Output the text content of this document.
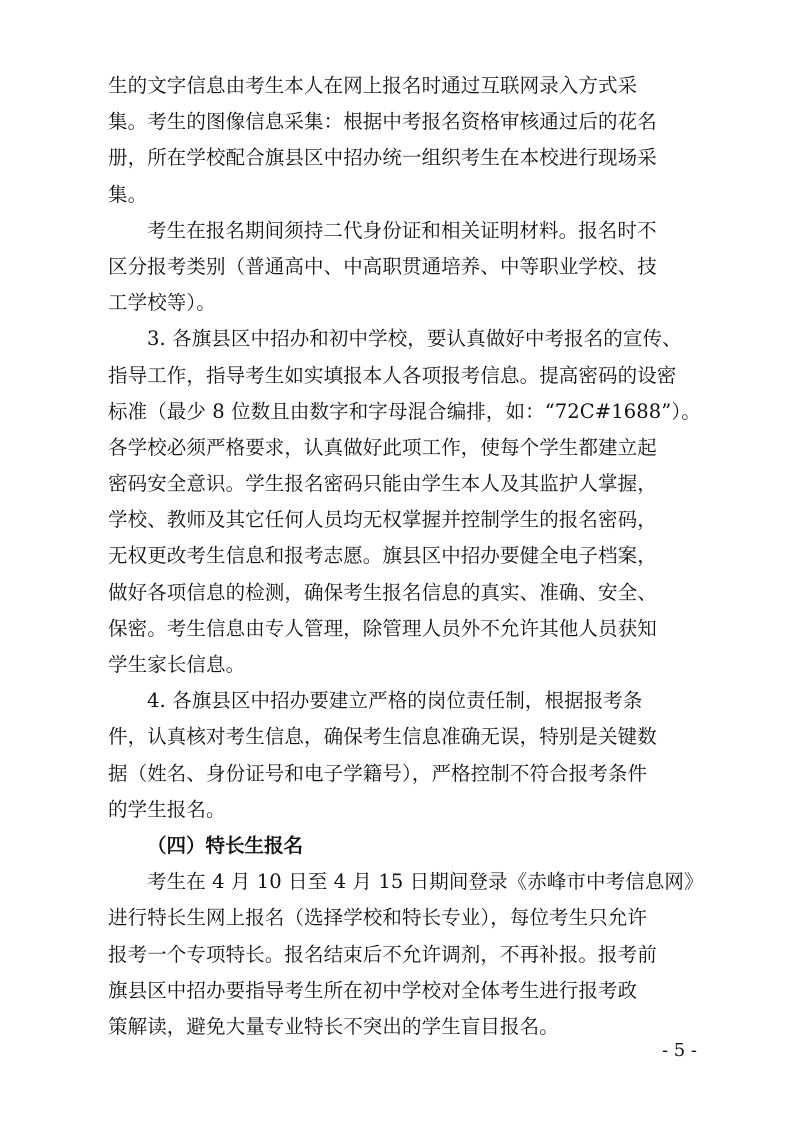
生的文字信息由考生本人在网上报名时通过互联网录入方式采
集。考生的图像信息采集：根据中考报名资格审核通过后的花名
册，所在学校配合旗县区中招办统一组织考生在本校进行现场采
集。
考生在报名期间须持二代身份证和相关证明材料。报名时不
区分报考类别（普通高中、中高职贯通培养、中等职业学校、技
工学校等）。
3. 各旗县区中招办和初中学校，要认真做好中考报名的宣传、
指导工作，指导考生如实填报本人各项报考信息。提高密码的设密
标准（最少 8 位数且由数字和字母混合编排，如：“72C#1688”）。
各学校必须严格要求，认真做好此项工作，使每个学生都建立起
密码安全意识。学生报名密码只能由学生本人及其监护人掌握，
学校、教师及其它任何人员均无权掌握并控制学生的报名密码，
无权更改考生信息和报考志愿。旗县区中招办要健全电子档案，
做好各项信息的检测，确保考生报名信息的真实、准确、安全、
保密。考生信息由专人管理，除管理人员外不允许其他人员获知
学生家长信息。
4. 各旗县区中招办要建立严格的岗位责任制，根据报考条
件，认真核对考生信息，确保考生信息准确无误，特别是关键数
据（姓名、身份证号和电子学籍号），严格控制不符合报考条件
的学生报名。
（四）特长生报名
考生在 4 月 10 日至 4 月 15 日期间登录《赤峰市中考信息网》
进行特长生网上报名（选择学校和特长专业），每位考生只允许
报考一个专项特长。报名结束后不允许调剂，不再补报。报考前
旗县区中招办要指导考生所在初中学校对全体考生进行报考政
策解读，避免大量专业特长不突出的学生盲目报名。
- 5 -
